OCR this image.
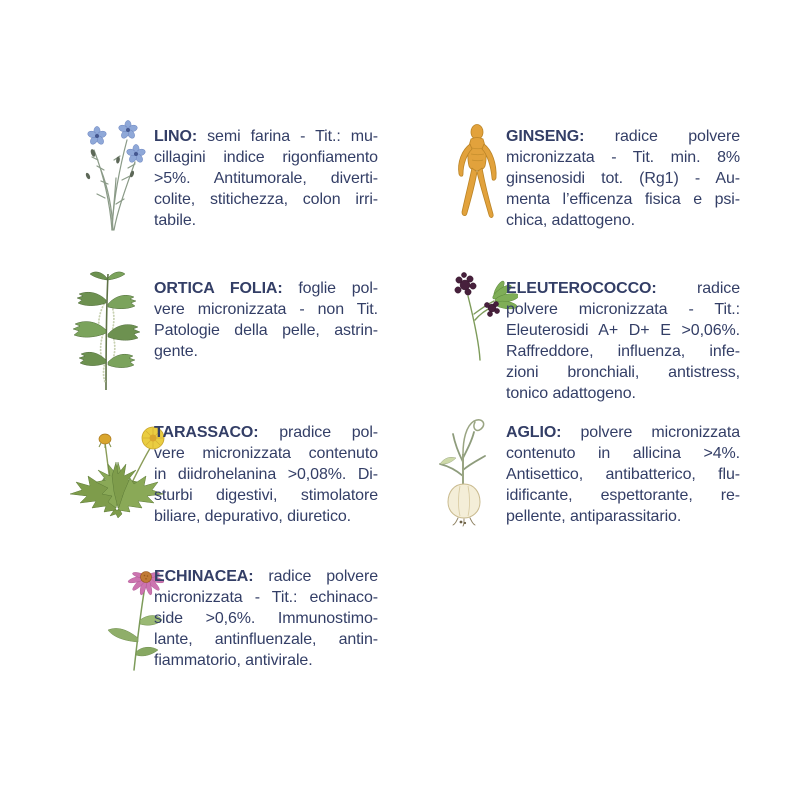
LINO: semi farina - Tit.: mu-
cillagini indice rigonfiamento
>5%. Antitumorale, diverti-
colite, stitichezza, colon irri-
tabile.
GINSENG: radice polvere
micronizzata - Tit. min. 8%
ginsenosidi tot. (Rg1) - Au-
menta l’efficenza fisica e psi-
chica, adattogeno.
ORTICA FOLIA: foglie pol-
vere micronizzata - non Tit.
Patologie della pelle, astrin-
gente.
ELEUTEROCOCCO: radice
polvere micronizzata - Tit.:
Eleuterosidi A+ D+ E >0,06%.
Raffreddore, influenza, infe-
zioni bronchiali, antistress,
tonico adattogeno.
TARASSACO: pradice pol-
vere micronizzata contenuto
in diidrohelanina >0,08%. Di-
sturbi digestivi, stimolatore
biliare, depurativo, diuretico.
AGLIO: polvere micronizzata
contenuto in allicina >4%.
Antisettico, antibatterico, flu-
idificante, espettorante, re-
pellente, antiparassitario.
ECHINACEA: radice polvere
micronizzata - Tit.: echinaco-
side >0,6%. Immunostimo-
lante, antinfluenzale, antin-
fiammatorio, antivirale.
